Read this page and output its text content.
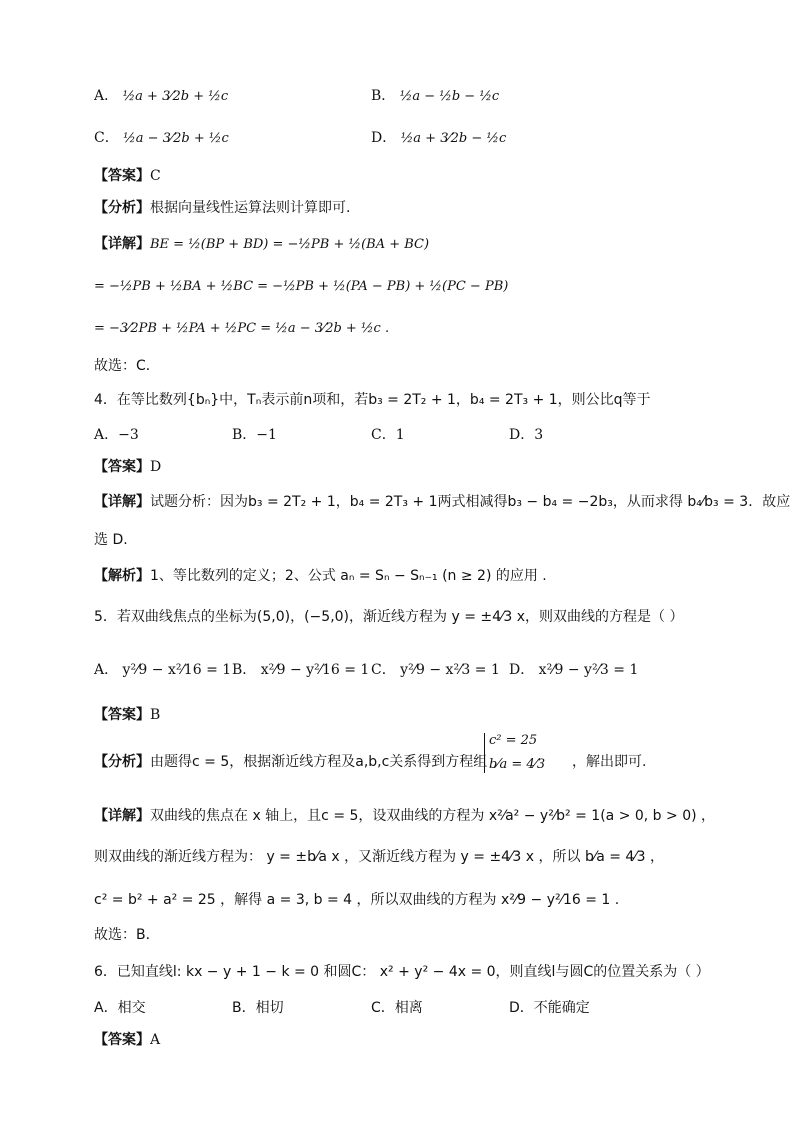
A． ½a + 3⁄2b + ½c	B． ½a − ½b − ½c
C． ½a − 3⁄2b + ½c	D． ½a + 3⁄2b − ½c
【答案】C
【分析】根据向量线性运算法则计算即可.
【详解】BE = ½(BP + BD) = −½PB + ½(BA + BC)
= −½PB + ½BA + ½BC = −½PB + ½(PA − PB) + ½(PC − PB)
= −3⁄2PB + ½PA + ½PC = ½a − 3⁄2b + ½c .
故选：C．
4．在等比数列{bₙ}中，Tₙ表示前n项和，若b₃ = 2T₂ + 1，b₄ = 2T₃ + 1，则公比q等于
A．−3	B．−1	C．1	D．3
【答案】D
【详解】试题分析：因为b₃ = 2T₂ + 1，b₄ = 2T₃ + 1两式相减得b₃ − b₄ = −2b₃，从而求得 b₄⁄b₃ = 3．故应
选 D.
【解析】1、等比数列的定义；2、公式 aₙ = Sₙ − Sₙ₋₁ (n ≥ 2) 的应用 .
5．若双曲线焦点的坐标为(5,0)，(−5,0)，渐近线方程为 y = ±4⁄3 x，则双曲线的方程是（ ）
A． y²⁄9 − x²⁄16 = 1 B． x²⁄9 − y²⁄16 = 1 C． y²⁄9 − x²⁄3 = 1 D． x²⁄9 − y²⁄3 = 1
【答案】B
【分析】由题得c = 5，根据渐近线方程及a,b,c关系得到方程组
c² = 25
b⁄a = 4⁄3 ，解出即可.
【详解】双曲线的焦点在 x 轴上，且c = 5，设双曲线的方程为 x²⁄a² − y²⁄b² = 1(a > 0, b > 0) ，
则双曲线的渐近线方程为： y = ±b⁄a x ，又渐近线方程为 y = ±4⁄3 x ，所以 b⁄a = 4⁄3 ，
c² = b² + a² = 25 ，解得 a = 3, b = 4 ，所以双曲线的方程为 x²⁄9 − y²⁄16 = 1 .
故选：B．
6．已知直线l: kx − y + 1 − k = 0 和圆C： x² + y² − 4x = 0，则直线l与圆C的位置关系为（ ）
A．相交	B．相切	C．相离	D．不能确定
【答案】A
